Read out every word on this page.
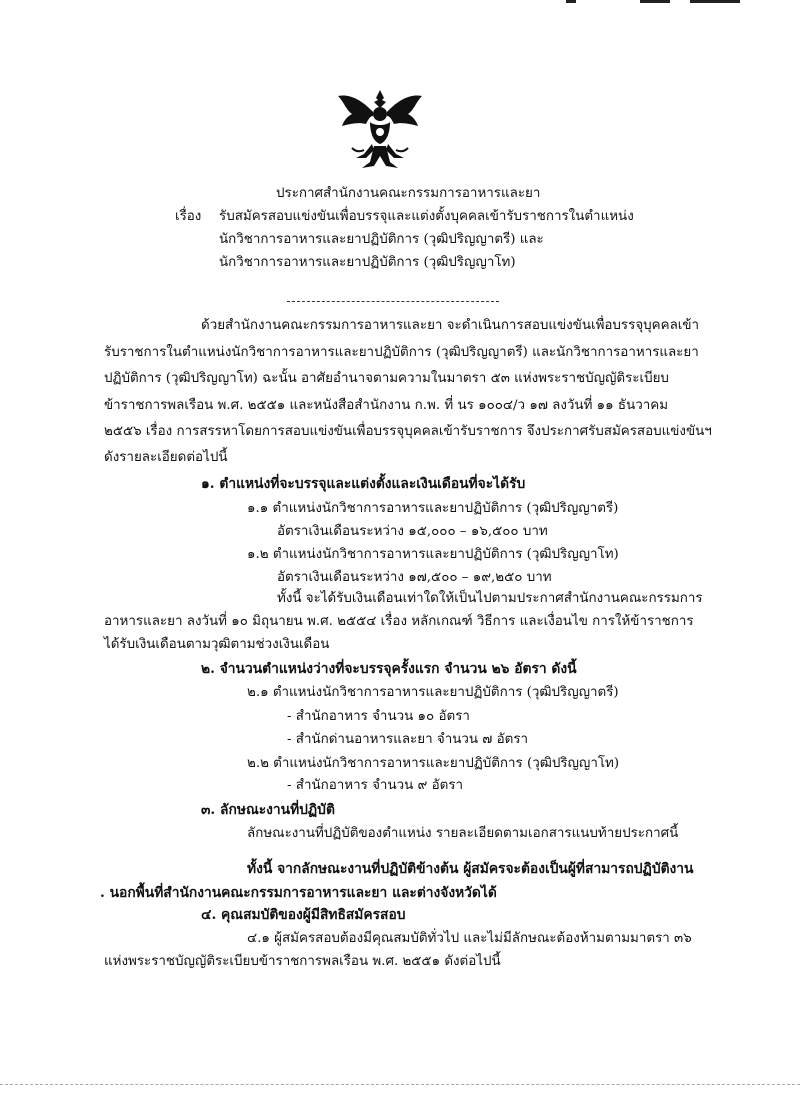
ประกาศสำนักงานคณะกรรมการอาหารและยา
เรื่อง รับสมัครสอบแข่งขันเพื่อบรรจุและแต่งตั้งบุคคลเข้ารับราชการในตำแหน่ง
นักวิชาการอาหารและยาปฏิบัติการ (วุฒิปริญญาตรี) และ
นักวิชาการอาหารและยาปฏิบัติการ (วุฒิปริญญาโท)
ด้วยสำนักงานคณะกรรมการอาหารและยา จะดำเนินการสอบแข่งขันเพื่อบรรจุบุคคลเข้า
รับราชการในตำแหน่งนักวิชาการอาหารและยาปฏิบัติการ (วุฒิปริญญาตรี) และนักวิชาการอาหารและยา
ปฏิบัติการ (วุฒิปริญญาโท) ฉะนั้น อาศัยอำนาจตามความในมาตรา ๕๓ แห่งพระราชบัญญัติระเบียบ
ข้าราชการพลเรือน พ.ศ. ๒๕๕๑ และหนังสือสำนักงาน ก.พ. ที่ นร ๑๐๐๔/ว ๑๗ ลงวันที่ ๑๑ ธันวาคม
๒๕๕๖ เรื่อง การสรรหาโดยการสอบแข่งขันเพื่อบรรจุบุคคลเข้ารับราชการ จึงประกาศรับสมัครสอบแข่งขันฯ
ดังรายละเอียดต่อไปนี้
๑. ตำแหน่งที่จะบรรจุและแต่งตั้งและเงินเดือนที่จะได้รับ
๑.๑ ตำแหน่งนักวิชาการอาหารและยาปฏิบัติการ (วุฒิปริญญาตรี)
อัตราเงินเดือนระหว่าง ๑๕,๐๐๐ – ๑๖,๕๐๐ บาท
๑.๒ ตำแหน่งนักวิชาการอาหารและยาปฏิบัติการ (วุฒิปริญญาโท)
อัตราเงินเดือนระหว่าง ๑๗,๕๐๐ – ๑๙,๒๕๐ บาท
ทั้งนี้ จะได้รับเงินเดือนเท่าใดให้เป็นไปตามประกาศสำนักงานคณะกรรมการ
อาหารและยา ลงวันที่ ๑๐ มิถุนายน พ.ศ. ๒๕๕๔ เรื่อง หลักเกณฑ์ วิธีการ และเงื่อนไข การให้ข้าราชการ
ได้รับเงินเดือนตามวุฒิตามช่วงเงินเดือน
๒. จำนวนตำแหน่งว่างที่จะบรรจุครั้งแรก จำนวน ๒๖ อัตรา ดังนี้
๒.๑ ตำแหน่งนักวิชาการอาหารและยาปฏิบัติการ (วุฒิปริญญาตรี)
- สำนักอาหาร จำนวน ๑๐ อัตรา
- สำนักด่านอาหารและยา จำนวน ๗ อัตรา
๒.๒ ตำแหน่งนักวิชาการอาหารและยาปฏิบัติการ (วุฒิปริญญาโท)
- สำนักอาหาร จำนวน ๙ อัตรา
๓. ลักษณะงานที่ปฏิบัติ
ลักษณะงานที่ปฏิบัติของตำแหน่ง รายละเอียดตามเอกสารแนบท้ายประกาศนี้
ทั้งนี้ จากลักษณะงานที่ปฏิบัติข้างต้น ผู้สมัครจะต้องเป็นผู้ที่สามารถปฏิบัติงาน
. นอกพื้นที่สำนักงานคณะกรรมการอาหารและยา และต่างจังหวัดได้
๔. คุณสมบัติของผู้มีสิทธิสมัครสอบ
๔.๑ ผู้สมัครสอบต้องมีคุณสมบัติทั่วไป และไม่มีลักษณะต้องห้ามตามมาตรา ๓๖
แห่งพระราชบัญญัติระเบียบข้าราชการพลเรือน พ.ศ. ๒๕๕๑ ดังต่อไปนี้
